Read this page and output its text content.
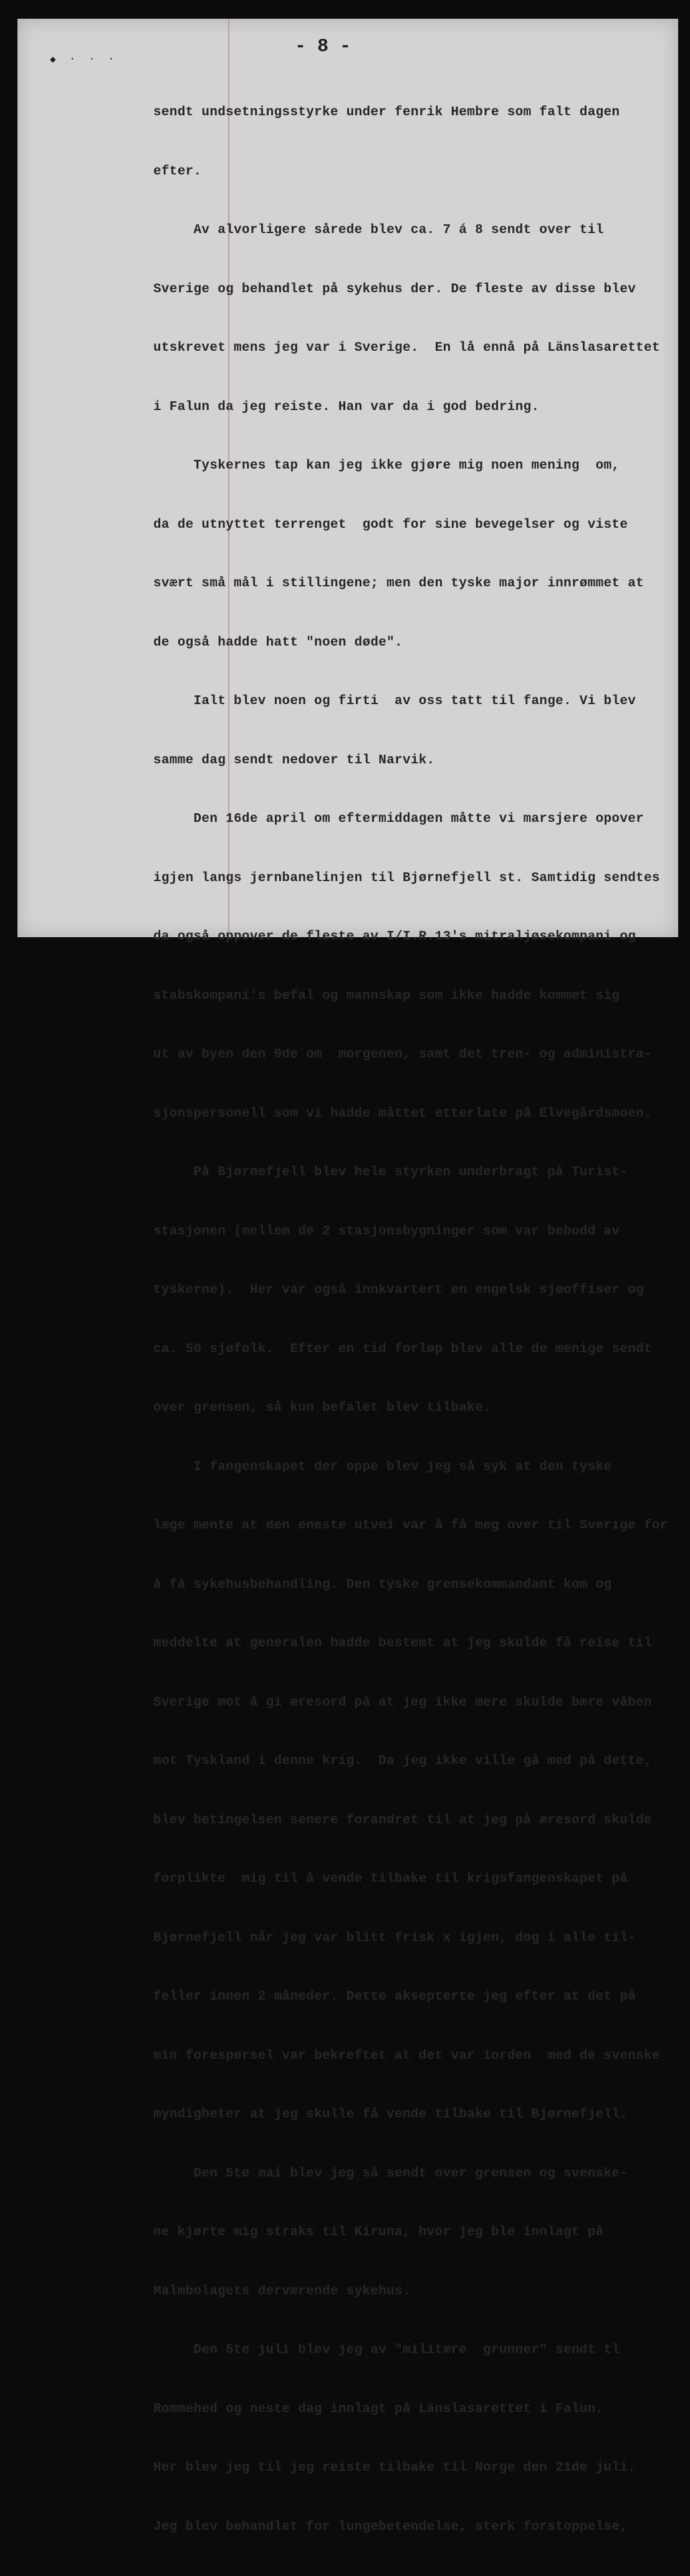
◆ · · ·
- 8 -

sendt undsetningsstyrke under fenrik Hembre som falt dagen

efter.

Av alvorligere sårede blev ca. 7 á 8 sendt over til

Sverige og behandlet på sykehus der. De fleste av disse blev

utskrevet mens jeg var i Sverige.  En lå ennå på Länslasarettet

i Falun da jeg reiste. Han var da i god bedring.

Tyskernes tap kan jeg ikke gjøre mig noen mening  om,

da de utnyttet terrenget  godt for sine bevegelser og viste

svært små mål i stillingene; men den tyske major innrømmet at

de også hadde hatt "noen døde".

Ialt blev noen og firti  av oss tatt til fange. Vi blev

samme dag sendt nedover til Narvik.

Den 16de april om eftermiddagen måtte vi marsjere opover

igjen langs jernbanelinjen til Bjørnefjell st. Samtidig sendtes

da også oppover de fleste av I/I.R.13's mitraljøsekompani og

stabskompani's befal og mannskap som ikke hadde kommet sig

ut av byen den 9de om  morgenen, samt det tren- og administra-

sjonspersonell som vi hadde måttet etterlate på Elvegårdsmoen.

På Bjørnefjell blev hele styrken underbragt på Turist-

stasjonen (mellem de 2 stasjonsbygninger som var bebodd av

tyskerne).  Her var også innkvartert en engelsk sjøoffiser og

ca. 50 sjøfolk.  Efter en tid forløp blev alle de menige sendt

over grensen, så kun befalet blev tilbake.

I fangenskapet der oppe blev jeg så syk at den tyske

læge mente at den eneste utvei var å få meg over til Sverige for

å få sykehusbehandling. Den tyske grensekommandant kom og

meddelte at generalen hadde bestemt at jeg skulde få reise til

Sverige mot å gi æresord på at jeg ikke mere skulde bære våben

mot Tyskland i denne krig.  Da jeg ikke ville gå med på dette,

blev betingelsen senere forandret til at jeg på æresord skulde

forplikte  mig til å vende tilbake til krigsfangenskapet på

Bjørnefjell når jeg var blitt frisk x igjen, dog i alle til-

feller innen 2 måneder. Dette aksepterte jeg efter at det på

min forespørsel var bekreftet at det var iorden  med de svenske

myndigheter at jeg skulle få vende tilbake til Bjørnefjell.

Den 5te mai blev jeg så sendt over grensen og svenske-

ne kjørte mig straks til Kiruna, hvor jeg ble innlagt på

Malmbolagets derværende sykehus.

Den 5te juli blev jeg av "militære  grunner" sendt tl

Rommehed og neste dag innlagt på Länslasarettet i Falun.

Her blev jeg til jeg reiste tilbake til Norge den 21de juli.

Jeg blev behandlet for lungebetendelse, sterk forstoppelse,
